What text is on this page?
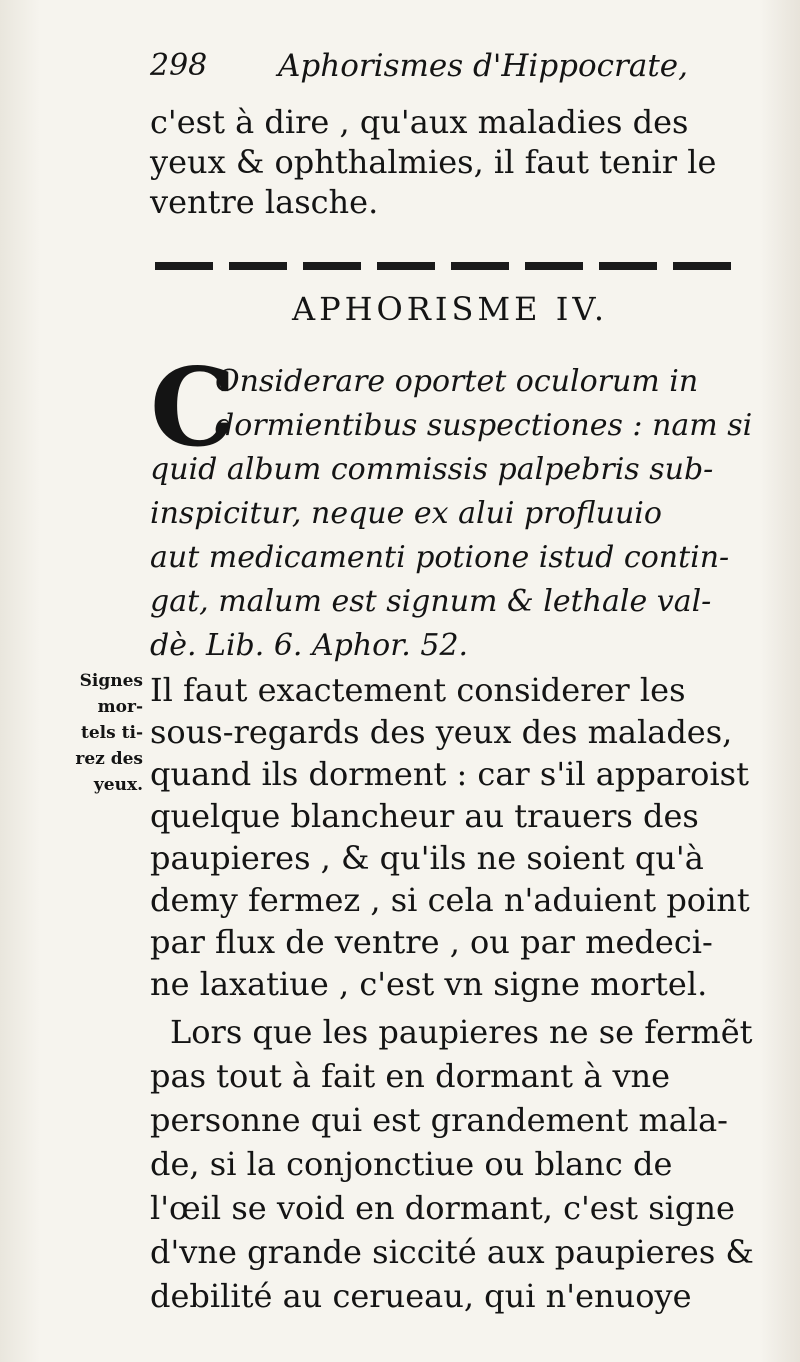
298 Aphorismes d'Hippocrate,
c'est à dire , qu'aux maladies des
yeux & ophthalmies, il faut tenir le
ventre lasche.
APHORISME IV.
C
Onsiderare oportet oculorum in
dormientibus suspectiones : nam si
quid album commissis palpebris sub-
inspicitur, neque ex alui profluuio
aut medicamenti potione istud contin-
gat, malum est signum & lethale val-
dè. Lib. 6. Aphor. 52.
Signes
mor-
tels ti-
rez des
yeux.
Il faut exactement considerer les
sous-regards des yeux des malades,
quand ils dorment : car s'il apparoist
quelque blancheur au trauers des
paupieres , & qu'ils ne soient qu'à
demy fermez , si cela n'aduient point
par flux de ventre , ou par medeci-
ne laxatiue , c'est vn signe mortel.
Lors que les paupieres ne se fermẽt
pas tout à fait en dormant à vne
personne qui est grandement mala-
de, si la conjonctiue ou blanc de
l'œil se void en dormant, c'est signe
d'vne grande siccité aux paupieres &
debilité au cerueau, qui n'enuoye
